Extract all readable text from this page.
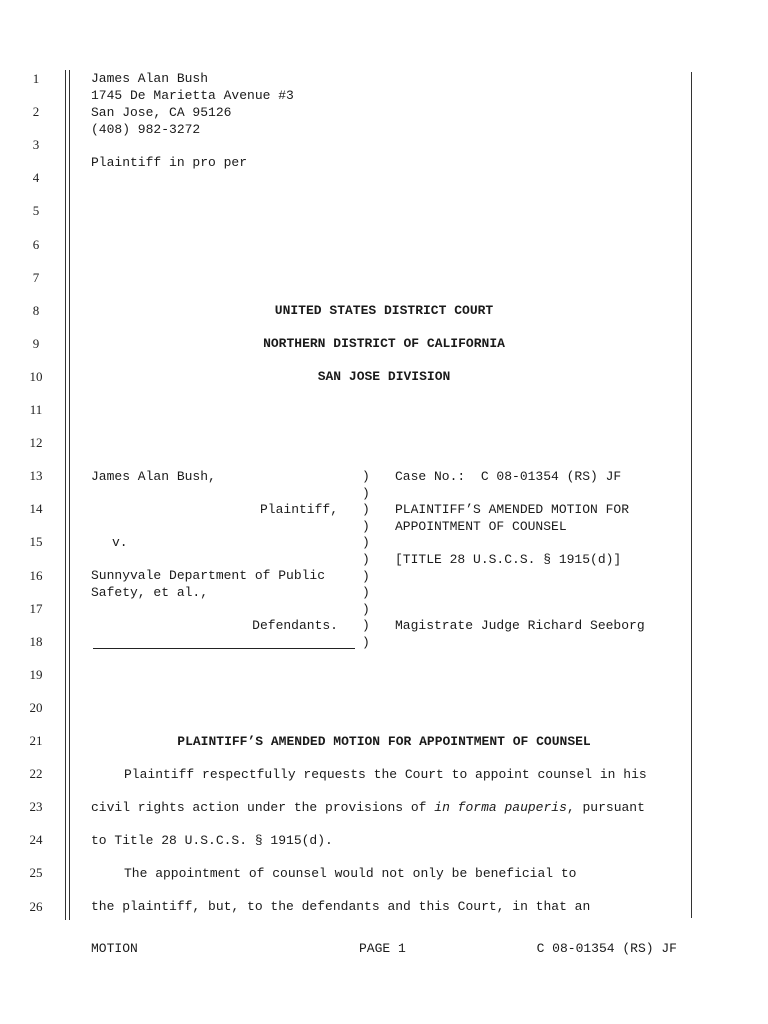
1
2
3
4
5
6
7
8
9
10
11
12
13
14
15
16
17
18
19
20
21
22
23
24
25
26
James Alan Bush
1745 De Marietta Avenue #3
San Jose, CA 95126
(408) 982-3272
Plaintiff in pro per
UNITED STATES DISTRICT COURT
NORTHERN DISTRICT OF CALIFORNIA
SAN JOSE DIVISION
James Alan Bush,
Plaintiff,
v.
Sunnyvale Department of Public
Safety, et al.,
Defendants.
)
)
)
)
)
)
)
)
)
)
)
Case No.:  C 08-01354 (RS) JF
PLAINTIFF’S AMENDED MOTION FOR
APPOINTMENT OF COUNSEL
[TITLE 28 U.S.C.S. § 1915(d)]
Magistrate Judge Richard Seeborg
PLAINTIFF’S AMENDED MOTION FOR APPOINTMENT OF COUNSEL
Plaintiff respectfully requests the Court to appoint counsel in his
civil rights action under the provisions of in forma pauperis, pursuant
to Title 28 U.S.C.S. § 1915(d).
The appointment of counsel would not only be beneficial to
the plaintiff, but, to the defendants and this Court, in that an
MOTION	PAGE 1	C 08-01354 (RS) JF
